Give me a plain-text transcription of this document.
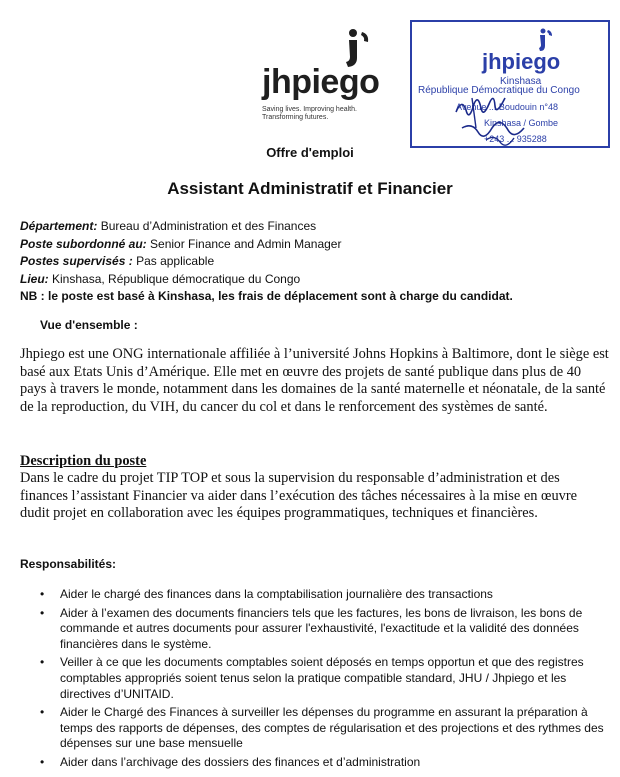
jhpiego
Saving lives. Improving health.
Transforming futures.
jhpiego
Kinshasa
République Démocratique du Congo
Avenue ... Boudouin n°48
Kinshasa / Gombe
+243 ... 935288
Offre d'emploi
Assistant Administratif et Financier
Département: Bureau d’Administration et des Finances
Poste subordonné au: Senior Finance and Admin Manager
Postes supervisés : Pas applicable
Lieu: Kinshasa, République démocratique du Congo
NB : le poste est basé à Kinshasa, les frais de déplacement sont à charge du candidat.
Vue d'ensemble :
Jhpiego est une ONG internationale affiliée à l’université Johns Hopkins à Baltimore, dont le siège est basé aux Etats Unis d’Amérique. Elle met en œuvre des projets de santé publique dans plus de 40 pays à travers le monde, notamment dans les domaines de la santé maternelle et néonatale, de la santé de la reproduction, du VIH, du cancer du col et dans le renforcement des systèmes de santé.
Description du poste
Dans le cadre du projet TIP TOP et sous la supervision du responsable d’administration et des finances l’assistant Financier va aider dans l’exécution des tâches nécessaires à la mise en œuvre dudit projet en collaboration avec les équipes programmatiques, techniques et financières.
Responsabilités:
• Aider le chargé des finances dans la comptabilisation journalière des transactions
• Aider à l’examen des documents financiers tels que les factures, les bons de livraison, les bons de commande et autres documents pour assurer l'exhaustivité, l'exactitude et la validité des données financières dans le système.
• Veiller à ce que les documents comptables soient déposés en temps opportun et que des registres comptables appropriés soient tenus selon la pratique compatible standard, JHU / Jhpiego et les directives d’UNITAID.
• Aider le Chargé des Finances à surveiller les dépenses du programme en assurant la préparation à temps des rapports de dépenses, des comptes de régularisation et des projections et des rythmes des dépenses sur une base mensuelle
• Aider dans l’archivage des dossiers des finances et d’administration
